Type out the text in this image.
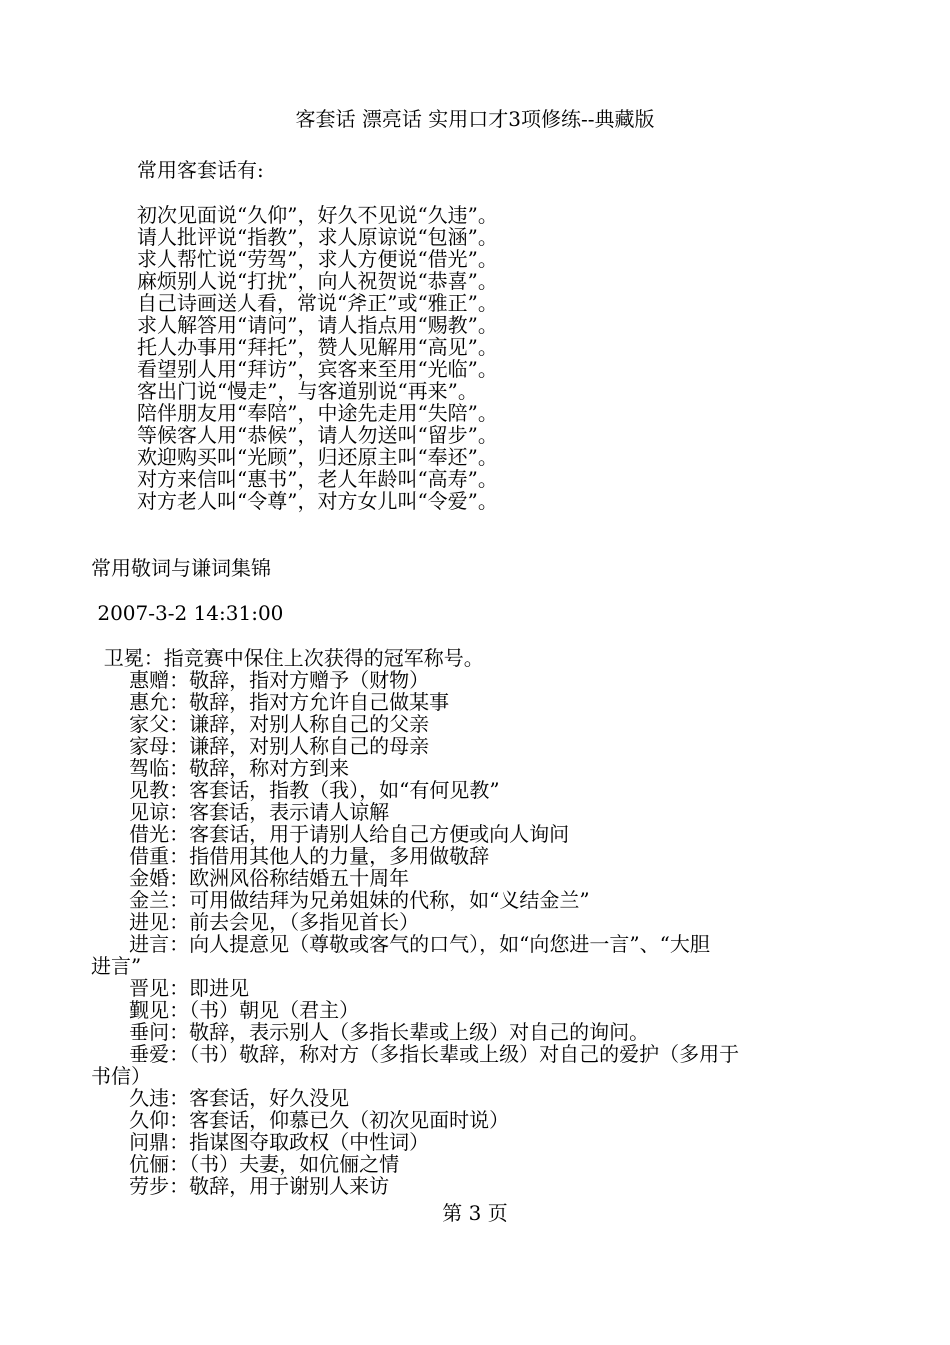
客套话 漂亮话 实用口才3项修练--典藏版
常用客套话有:
初次见面说“久仰”，好久不见说“久违”。
请人批评说“指教”，求人原谅说“包涵”。
求人帮忙说“劳驾”，求人方便说“借光”。
麻烦别人说“打扰”，向人祝贺说“恭喜”。
自己诗画送人看，常说“斧正”或“雅正”。
求人解答用“请问”，请人指点用“赐教”。
托人办事用“拜托”，赞人见解用“高见”。
看望别人用“拜访”，宾客来至用“光临”。
客出门说“慢走”，与客道别说“再来”。
陪伴朋友用“奉陪”，中途先走用“失陪”。
等候客人用“恭候”，请人勿送叫“留步”。
欢迎购买叫“光顾”，归还原主叫“奉还”。
对方来信叫“惠书”，老人年龄叫“高寿”。
对方老人叫“令尊”，对方女儿叫“令爱”。
常用敬词与谦词集锦
2007-3-2 14:31:00
卫冕：指竞赛中保住上次获得的冠军称号。
惠赠：敬辞，指对方赠予（财物）
惠允：敬辞，指对方允许自己做某事
家父：谦辞，对别人称自己的父亲
家母：谦辞，对别人称自己的母亲
驾临：敬辞，称对方到来
见教：客套话，指教（我），如“有何见教”
见谅：客套话，表示请人谅解
借光：客套话，用于请别人给自己方便或向人询问
借重：指借用其他人的力量，多用做敬辞
金婚：欧洲风俗称结婚五十周年
金兰：可用做结拜为兄弟姐妹的代称，如“义结金兰”
进见：前去会见，（多指见首长）
进言：向人提意见（尊敬或客气的口气），如“向您进一言”、“大胆
进言”
晋见：即进见
觐见：（书）朝见（君主）
垂问：敬辞，表示别人（多指长辈或上级）对自己的询问。
垂爱：（书）敬辞，称对方（多指长辈或上级）对自己的爱护（多用于
书信）
久违：客套话，好久没见
久仰：客套话，仰慕已久（初次见面时说）
问鼎：指谋图夺取政权（中性词）
伉俪：（书）夫妻，如伉俪之情
劳步：敬辞，用于谢别人来访
第 3 页
